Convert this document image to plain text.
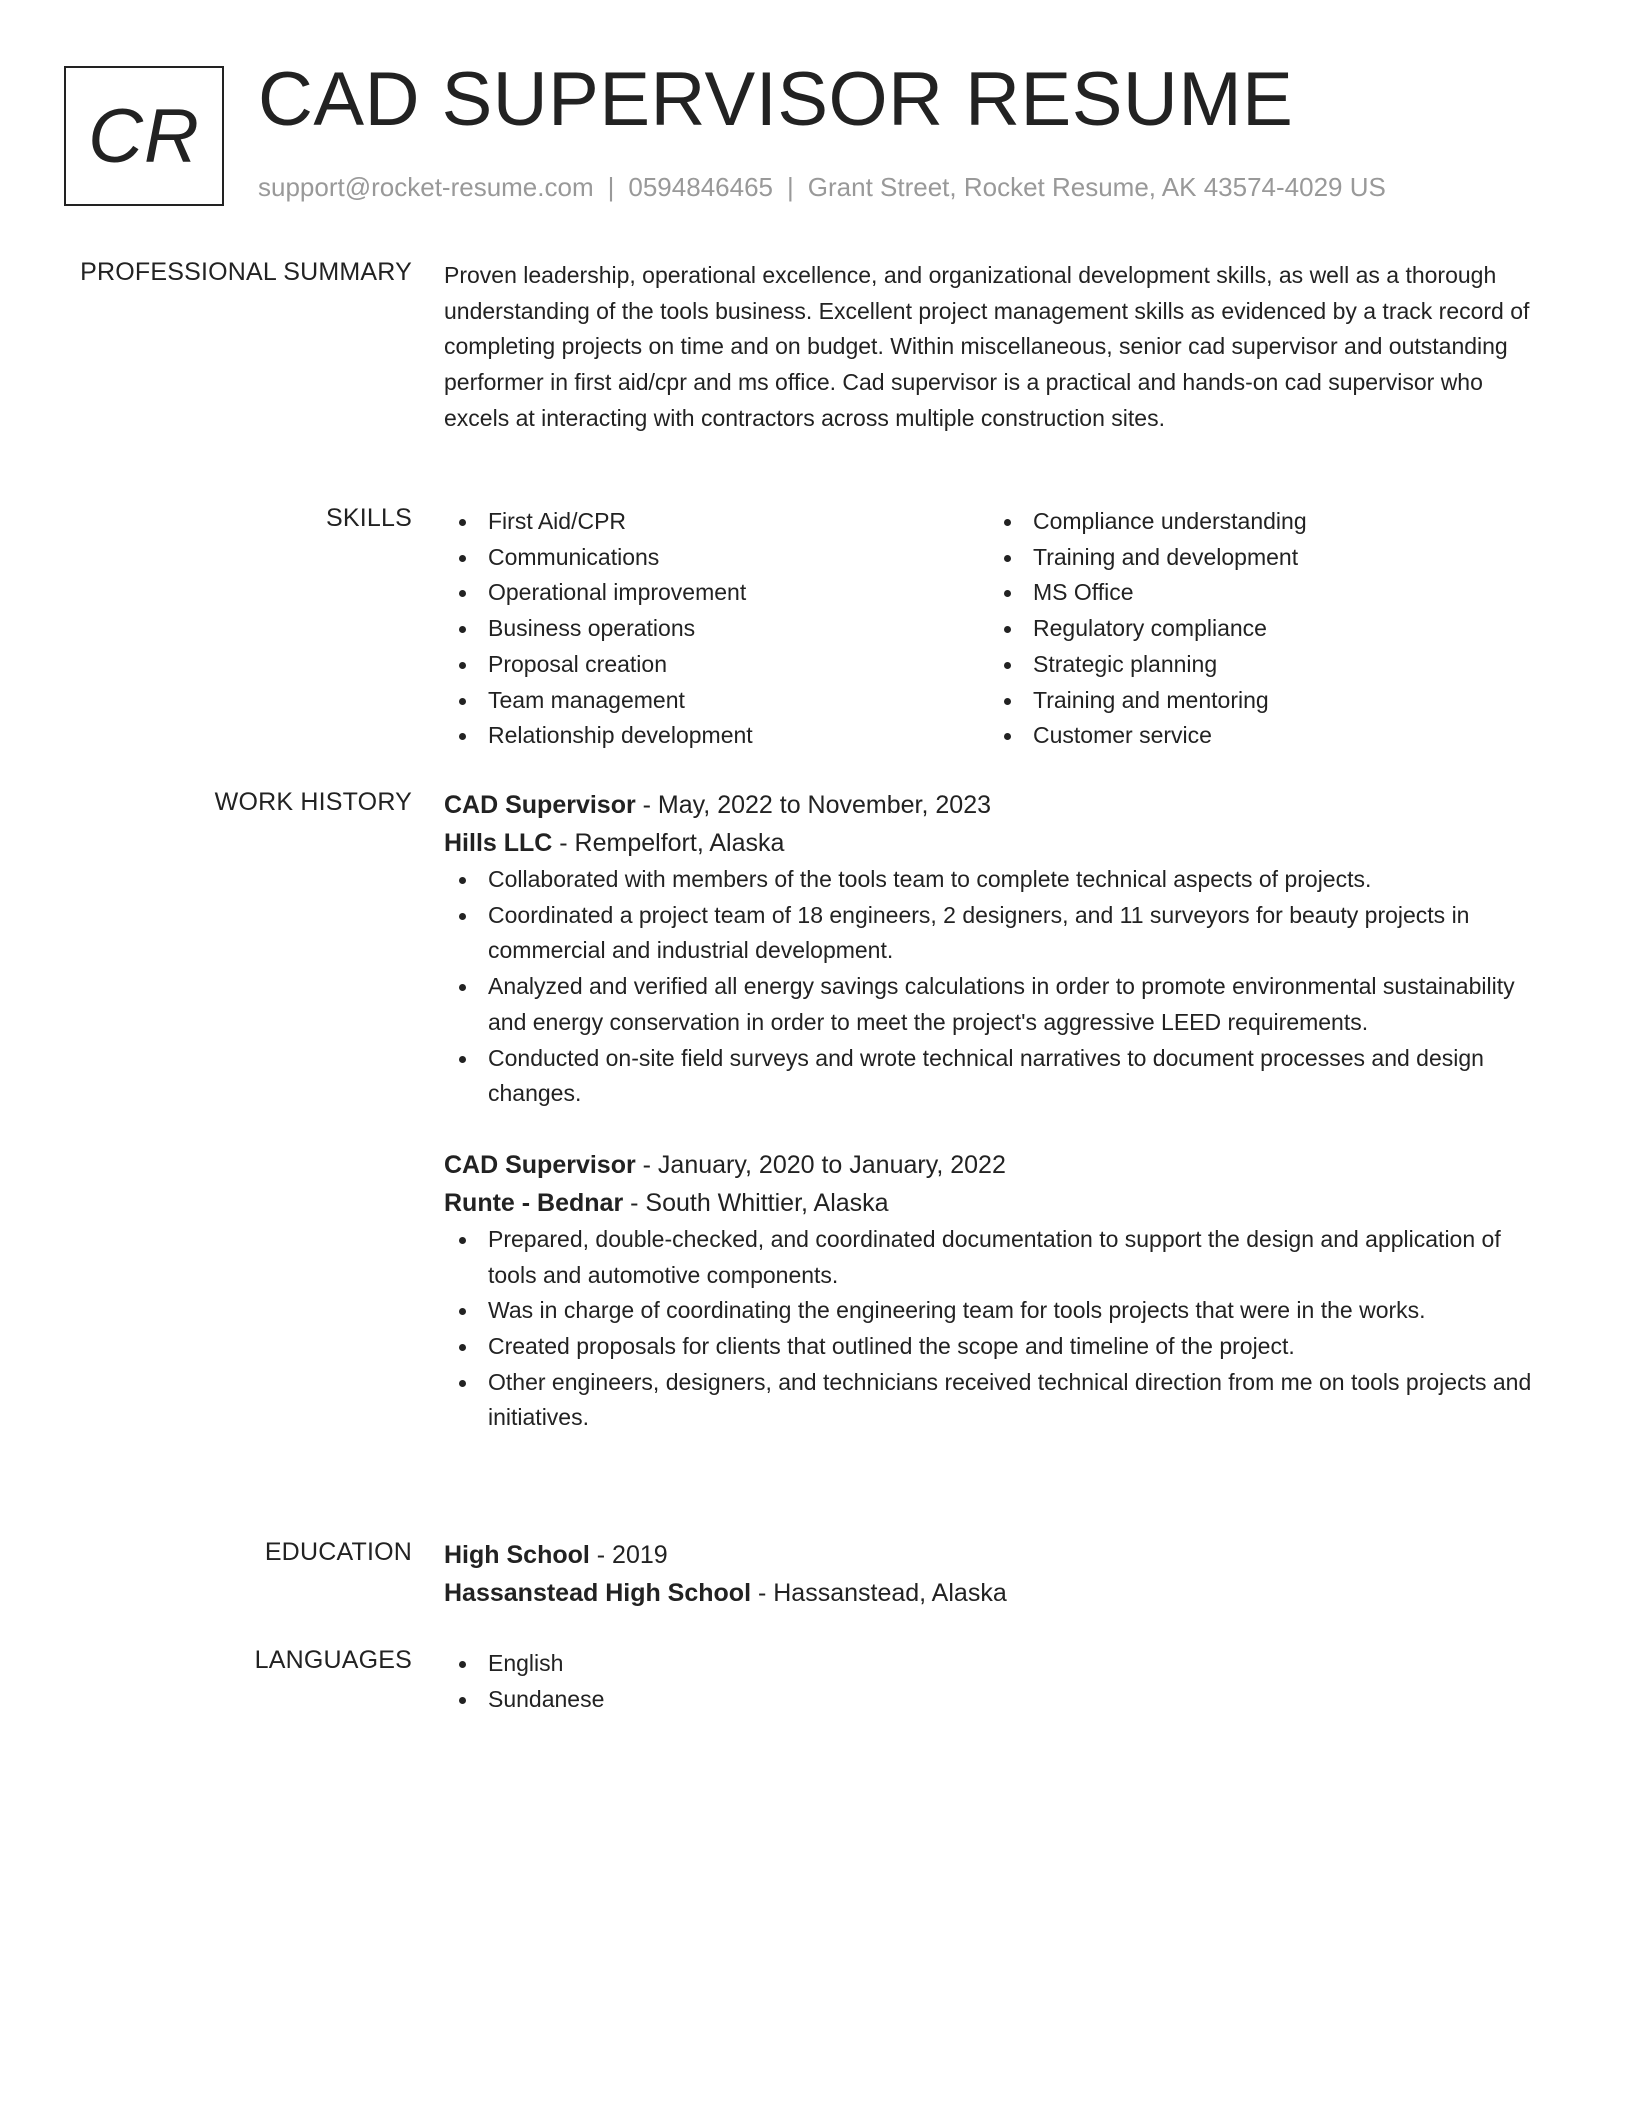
CR CAD SUPERVISOR RESUME
support@rocket-resume.com | 0594846465 | Grant Street, Rocket Resume, AK 43574-4029 US
PROFESSIONAL SUMMARY Proven leadership, operational excellence, and organizational development skills, as well as a thorough understanding of the tools business. Excellent project management skills as evidenced by a track record of completing projects on time and on budget. Within miscellaneous, senior cad supervisor and outstanding performer in first aid/cpr and ms office. Cad supervisor is a practical and hands-on cad supervisor who excels at interacting with contractors across multiple construction sites.

SKILLS	First Aid/CPR
Communications
Operational improvement
Business operations
Proposal creation
Team management
Relationship development
Compliance understanding
Training and development
MS Office
Regulatory compliance
Strategic planning
Training and mentoring
Customer service
WORK HISTORY CAD Supervisor - May, 2022 to November, 2023
Hills LLC - Rempelfort, Alaska
Collaborated with members of the tools team to complete technical aspects of projects.
Coordinated a project team of 18 engineers, 2 designers, and 11 surveyors for beauty projects in commercial and industrial development.
Analyzed and verified all energy savings calculations in order to promote environmental sustainability and energy conservation in order to meet the project's aggressive LEED requirements.
Conducted on-site field surveys and wrote technical narratives to document processes and design changes.
CAD Supervisor - January, 2020 to January, 2022
Runte - Bednar - South Whittier, Alaska
Prepared, double-checked, and coordinated documentation to support the design and application of tools and automotive components.
Was in charge of coordinating the engineering team for tools projects that were in the works.
Created proposals for clients that outlined the scope and timeline of the project.
Other engineers, designers, and technicians received technical direction from me on tools projects and initiatives.
EDUCATION High School - 2019
Hassanstead High School - Hassanstead, Alaska
LANGUAGES	English
Sundanese
